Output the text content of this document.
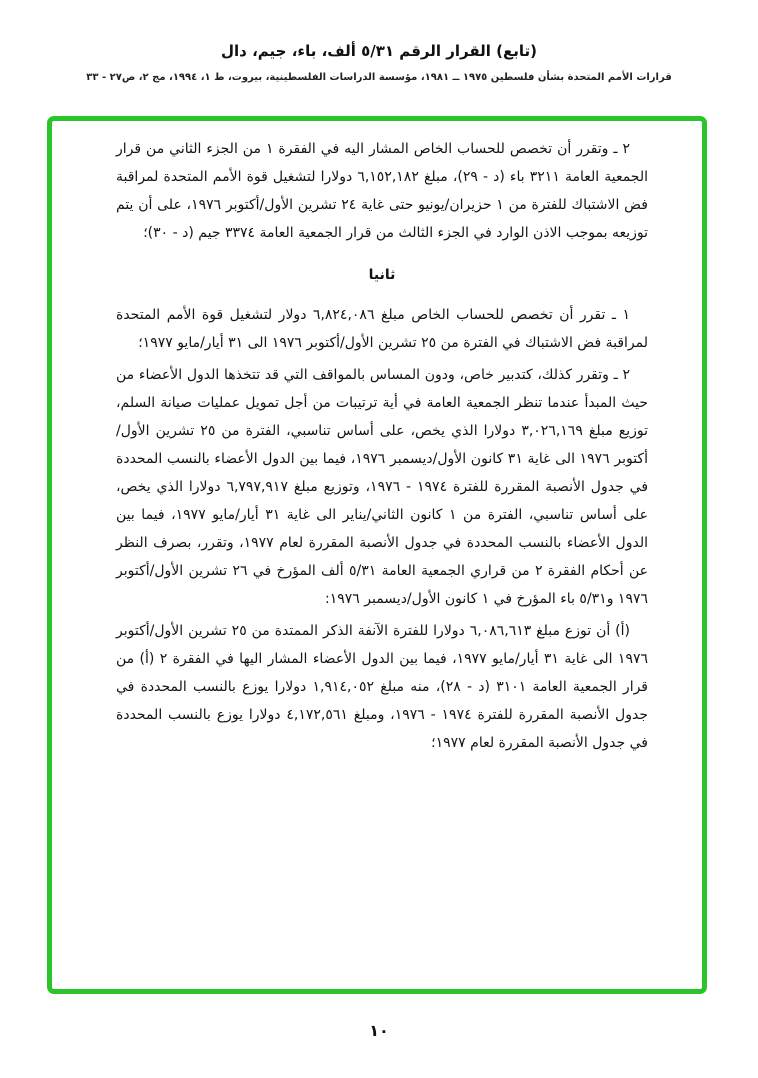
(تابع) القرار الرقم ٥/٣١ ألف، باء، جيم، دال
قرارات الأمم المتحدة بشأن فلسطين ١٩٧٥ ــ ١٩٨١، مؤسسة الدراسات الفلسطينية، بيروت، ط ١، ١٩٩٤، مج ٢، ص٢٧ - ٣٣

٢ ـ وتقرر أن تخصص للحساب الخاص المشار اليه في الفقرة ١ من الجزء الثاني من قرار الجمعية العامة ٣٢١١ باء (د - ٢٩)، مبلغ ٦,١٥٢,١٨٢ دولارا لتشغيل قوة الأمم المتحدة لمراقبة فض الاشتباك للفترة من ١ حزيران/يونيو حتى غاية ٢٤ تشرين الأول/أكتوبر ١٩٧٦، على أن يتم توزيعه بموجب الاذن الوارد في الجزء الثالث من قرار الجمعية العامة ٣٣٧٤ جيم (د - ٣٠)؛

ثانيا

١ ـ تقرر أن تخصص للحساب الخاص مبلغ ٦,٨٢٤,٠٨٦ دولار لتشغيل قوة الأمم المتحدة لمراقبة فض الاشتباك في الفترة من ٢٥ تشرين الأول/أكتوبر ١٩٧٦ الى ٣١ أيار/مايو ١٩٧٧؛

٢ ـ وتقرر كذلك، كتدبير خاص، ودون المساس بالمواقف التي قد تتخذها الدول الأعضاء من حيث المبدأ عندما تنظر الجمعية العامة في أية ترتيبات من أجل تمويل عمليات صيانة السلم، توزيع مبلغ ٣,٠٢٦,١٦٩ دولارا الذي يخص، على أساس تناسبي، الفترة من ٢٥ تشرين الأول/أكتوبر ١٩٧٦ الى غاية ٣١ كانون الأول/ديسمبر ١٩٧٦، فيما بين الدول الأعضاء بالنسب المحددة في جدول الأنصبة المقررة للفترة ١٩٧٤ - ١٩٧٦، وتوزيع مبلغ ٦,٧٩٧,٩١٧ دولارا الذي يخص، على أساس تناسبي، الفترة من ١ كانون الثاني/يناير الى غاية ٣١ أيار/مايو ١٩٧٧، فيما بين الدول الأعضاء بالنسب المحددة في جدول الأنصبة المقررة لعام ١٩٧٧، وتقرر، بصرف النظر عن أحكام الفقرة ٢ من قراري الجمعية العامة ٥/٣١ ألف المؤرخ في ٢٦ تشرين الأول/أكتوبر ١٩٧٦ و٥/٣١ باء المؤرخ في ١ كانون الأول/ديسمبر ١٩٧٦:

(أ) أن توزع مبلغ ٦,٠٨٦,٦١٣ دولارا للفترة الآنفة الذكر الممتدة من ٢٥ تشرين الأول/أكتوبر ١٩٧٦ الى غاية ٣١ أيار/مايو ١٩٧٧، فيما بين الدول الأعضاء المشار اليها في الفقرة ٢ (أ) من قرار الجمعية العامة ٣١٠١ (د - ٢٨)، منه مبلغ ١,٩١٤,٠٥٢ دولارا يوزع بالنسب المحددة في جدول الأنصبة المقررة للفترة ١٩٧٤ - ١٩٧٦، ومبلغ ٤,١٧٢,٥٦١ دولارا يوزع بالنسب المحددة في جدول الأنصبة المقررة لعام ١٩٧٧؛

١٠
